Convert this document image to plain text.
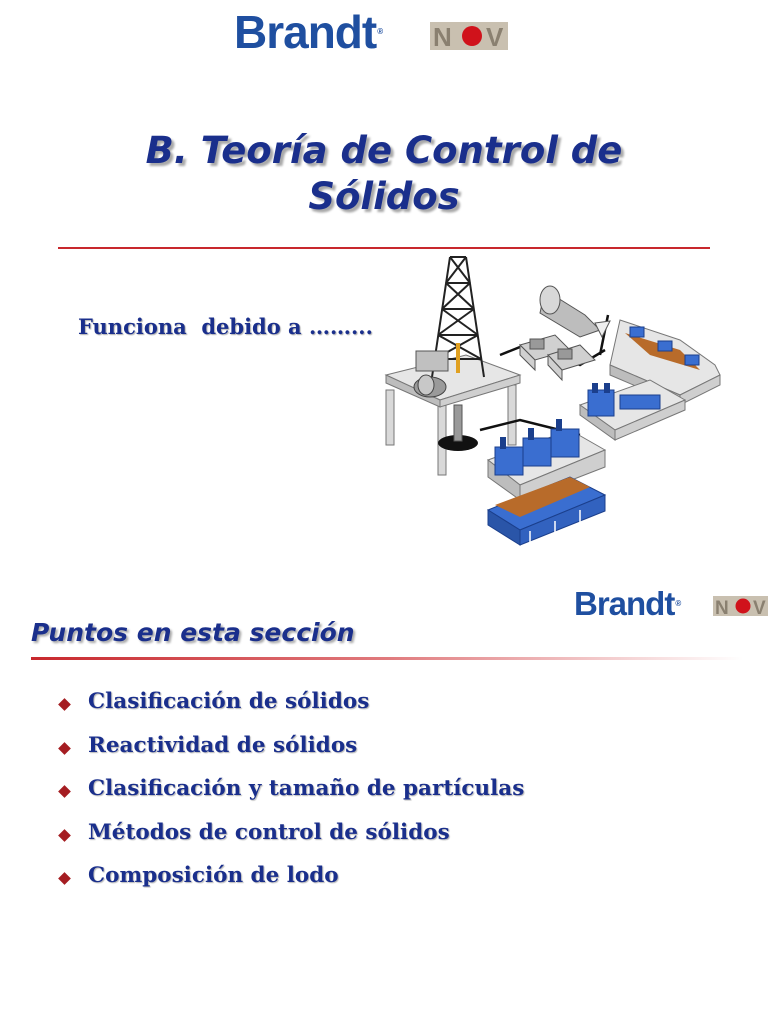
Brandt® N V
B. Teoría de Control de
Sólidos
Funciona  debido a ……...
Brandt® N V
Puntos en esta sección
Clasificación de sólidos
Reactividad de sólidos
Clasificación y tamaño de partículas
Métodos de control de sólidos
Composición de lodo
